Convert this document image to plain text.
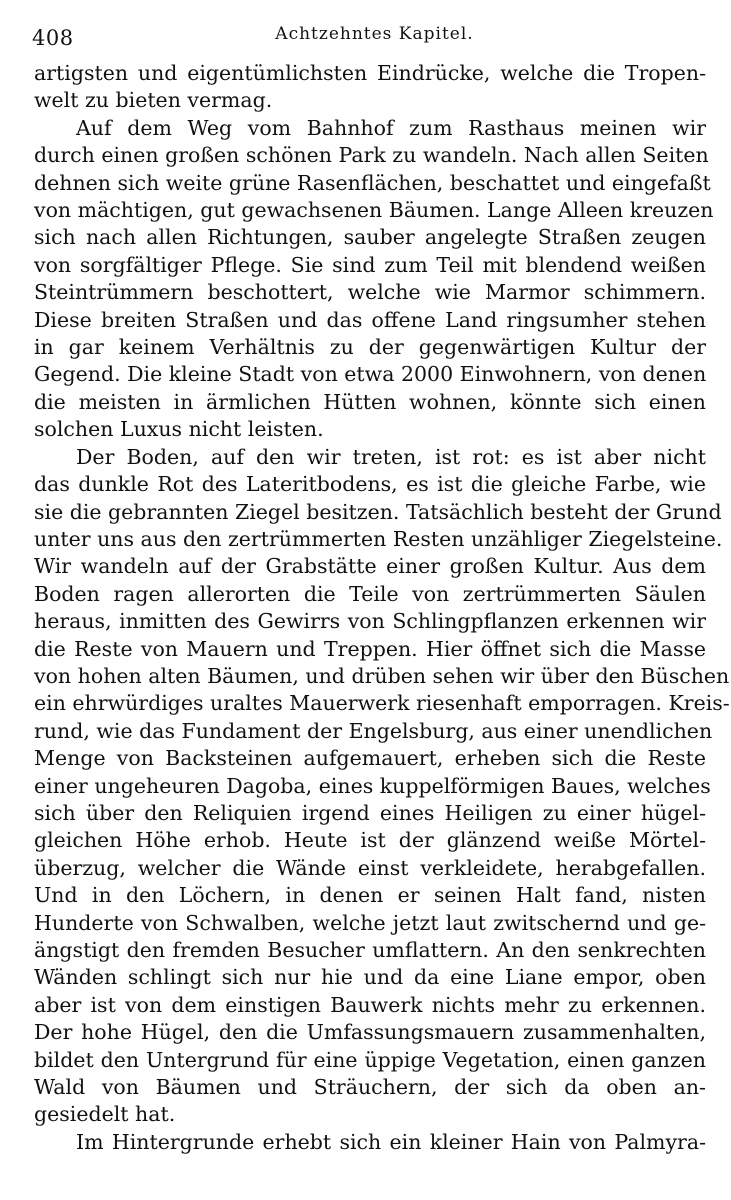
408	Achtzehntes Kapitel.
artigsten und eigentümlichsten Eindrücke, welche die Tropen-
welt zu bieten vermag.
Auf dem Weg vom Bahnhof zum Rasthaus meinen wir
durch einen großen schönen Park zu wandeln. Nach allen Seiten
dehnen sich weite grüne Rasenflächen, beschattet und eingefaßt
von mächtigen, gut gewachsenen Bäumen. Lange Alleen kreuzen
sich nach allen Richtungen, sauber angelegte Straßen zeugen
von sorgfältiger Pflege. Sie sind zum Teil mit blendend weißen
Steintrümmern beschottert, welche wie Marmor schimmern.
Diese breiten Straßen und das offene Land ringsumher stehen
in gar keinem Verhältnis zu der gegenwärtigen Kultur der
Gegend. Die kleine Stadt von etwa 2000 Einwohnern, von denen
die meisten in ärmlichen Hütten wohnen, könnte sich einen
solchen Luxus nicht leisten.
Der Boden, auf den wir treten, ist rot: es ist aber nicht
das dunkle Rot des Lateritbodens, es ist die gleiche Farbe, wie
sie die gebrannten Ziegel besitzen. Tatsächlich besteht der Grund
unter uns aus den zertrümmerten Resten unzähliger Ziegelsteine.
Wir wandeln auf der Grabstätte einer großen Kultur. Aus dem
Boden ragen allerorten die Teile von zertrümmerten Säulen
heraus, inmitten des Gewirrs von Schlingpflanzen erkennen wir
die Reste von Mauern und Treppen. Hier öffnet sich die Masse
von hohen alten Bäumen, und drüben sehen wir über den Büschen
ein ehrwürdiges uraltes Mauerwerk riesenhaft emporragen. Kreis-
rund, wie das Fundament der Engelsburg, aus einer unendlichen
Menge von Backsteinen aufgemauert, erheben sich die Reste
einer ungeheuren Dagoba, eines kuppelförmigen Baues, welches
sich über den Reliquien irgend eines Heiligen zu einer hügel-
gleichen Höhe erhob. Heute ist der glänzend weiße Mörtel-
überzug, welcher die Wände einst verkleidete, herabgefallen.
Und in den Löchern, in denen er seinen Halt fand, nisten
Hunderte von Schwalben, welche jetzt laut zwitschernd und ge-
ängstigt den fremden Besucher umflattern. An den senkrechten
Wänden schlingt sich nur hie und da eine Liane empor, oben
aber ist von dem einstigen Bauwerk nichts mehr zu erkennen.
Der hohe Hügel, den die Umfassungsmauern zusammenhalten,
bildet den Untergrund für eine üppige Vegetation, einen ganzen
Wald von Bäumen und Sträuchern, der sich da oben an-
gesiedelt hat.
Im Hintergrunde erhebt sich ein kleiner Hain von Palmyra-
